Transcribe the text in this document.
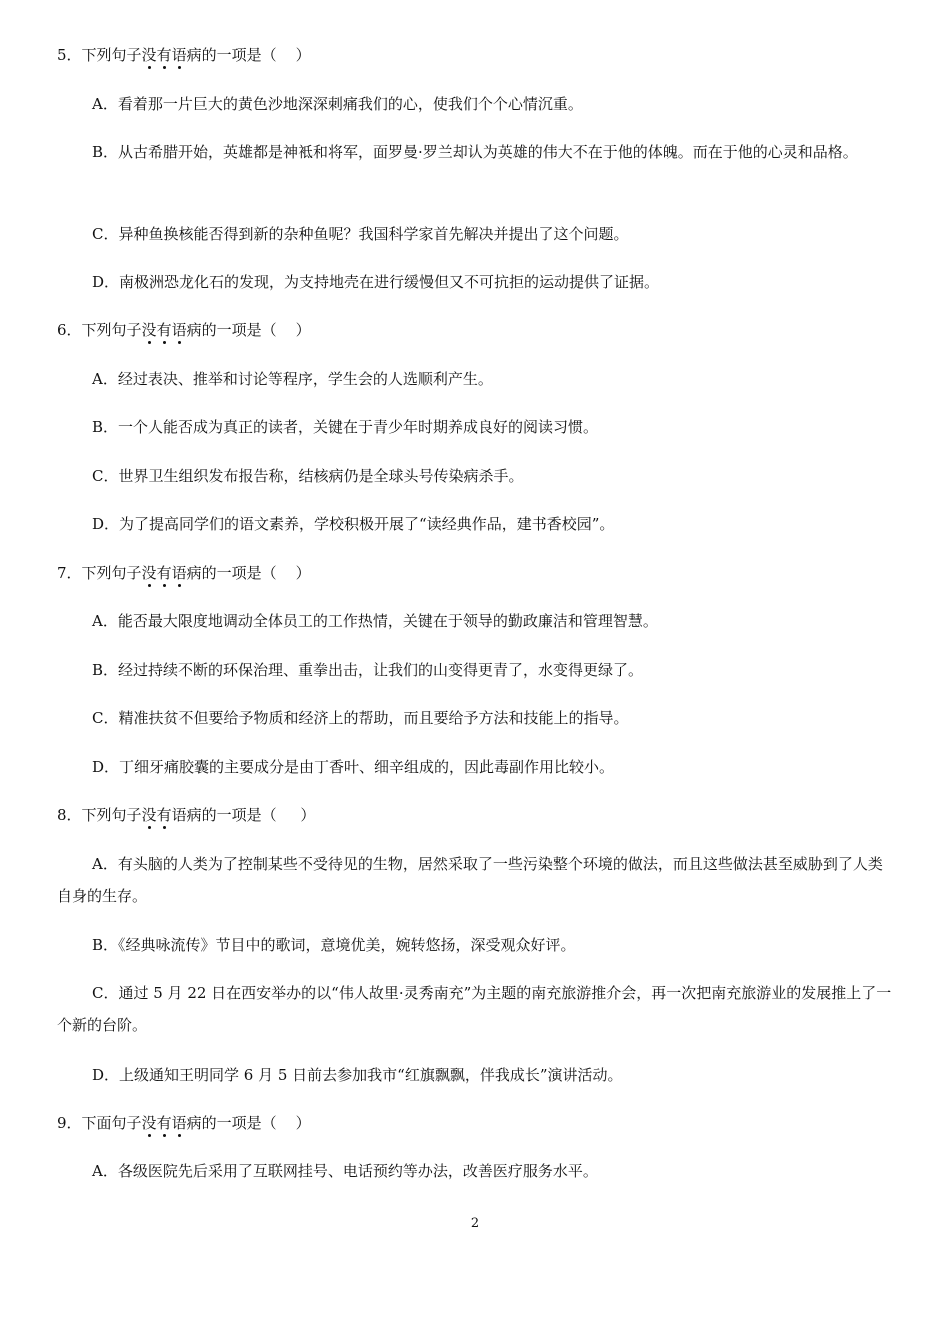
5．下列句子没有语病的一项是（    ）
A．看着那一片巨大的黄色沙地深深刺痛我们的心，使我们个个心情沉重。
B．从古希腊开始，英雄都是神袛和将军，面罗曼·罗兰却认为英雄的伟大不在于他的体魄。而在于他的心灵和品格。
C．异种鱼换核能否得到新的杂种鱼呢？我国科学家首先解决并提出了这个问题。
D．南极洲恐龙化石的发现，为支持地壳在进行缓慢但又不可抗拒的运动提供了证据。
6．下列句子没有语病的一项是（    ）
A．经过表决、推举和讨论等程序，学生会的人选顺利产生。
B．一个人能否成为真正的读者，关键在于青少年时期养成良好的阅读习惯。
C．世界卫生组织发布报告称，结核病仍是全球头号传染病杀手。
D．为了提高同学们的语文素养，学校积极开展了“读经典作品，建书香校园”。
7．下列句子没有语病的一项是（    ）
A．能否最大限度地调动全体员工的工作热情，关键在于领导的勤政廉洁和管理智慧。
B．经过持续不断的环保治理、重拳出击，让我们的山变得更青了，水变得更绿了。
C．精准扶贫不但要给予物质和经济上的帮助，而且要给予方法和技能上的指导。
D．丁细牙痛胶囊的主要成分是由丁香叶、细辛组成的，因此毒副作用比较小。
8．下列句子没有语病的一项是（     ）
A．有头脑的人类为了控制某些不受待见的生物，居然采取了一些污染整个环境的做法，而且这些做法甚至威胁到了人类自身的生存。
B．《经典咏流传》节目中的歌词，意境优美，婉转悠扬，深受观众好评。
C．通过 5 月 22 日在西安举办的以“伟人故里·灵秀南充”为主题的南充旅游推介会，再一次把南充旅游业的发展推上了一个新的台阶。
D．上级通知王明同学 6 月 5 日前去参加我市“红旗飘飘，伴我成长”演讲活动。
9．下面句子没有语病的一项是（    ）
A．各级医院先后采用了互联网挂号、电话预约等办法，改善医疗服务水平。
2
